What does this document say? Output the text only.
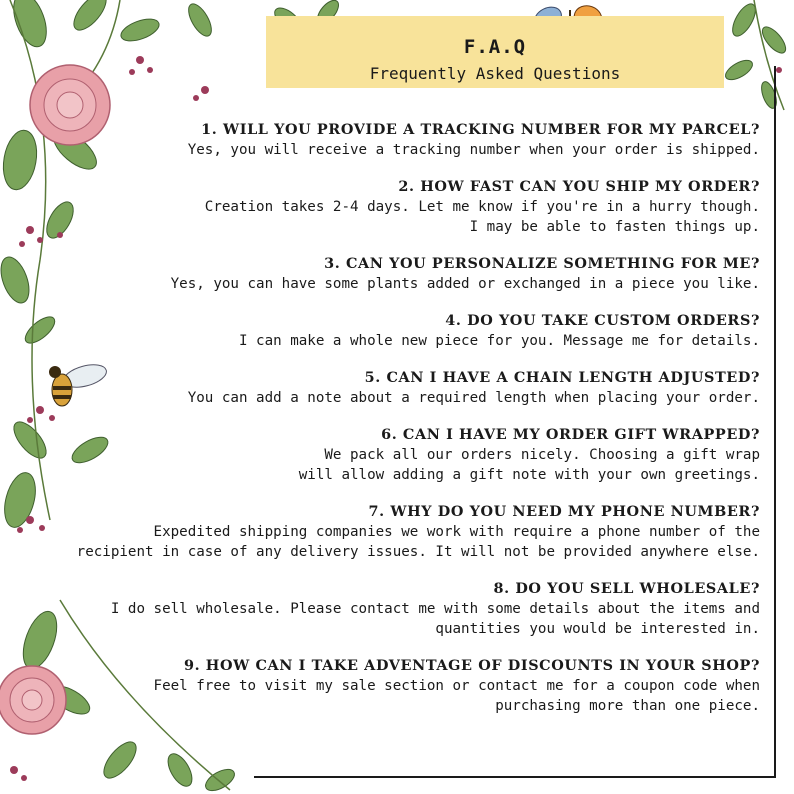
F.A.Q
Frequently Asked Questions
1. WILL YOU PROVIDE A TRACKING NUMBER FOR MY PARCEL?
Yes, you will receive a tracking number when your order is shipped.
2. HOW FAST CAN YOU SHIP MY ORDER?
Creation takes 2-4 days. Let me know if you're in a hurry though.
I may be able to fasten things up.
3. CAN YOU PERSONALIZE SOMETHING FOR ME?
Yes, you can have some plants added or exchanged in a piece you like.
4. DO YOU TAKE CUSTOM ORDERS?
I can make a whole new piece for you. Message me for details.
5. CAN I HAVE A CHAIN LENGTH ADJUSTED?
You can add a note about a required length when placing your order.
6. CAN I HAVE MY ORDER GIFT WRAPPED?
We pack all our orders nicely. Choosing a gift wrap
will allow adding a gift note with your own greetings.
7. WHY DO YOU NEED MY PHONE NUMBER?
Expedited shipping companies we work with require a phone number of the
recipient in case of any delivery issues. It will not be provided anywhere else.
8. DO YOU SELL WHOLESALE?
I do sell wholesale. Please contact me with some details about the items and
quantities you would be interested in.
9. HOW CAN I TAKE ADVENTAGE OF DISCOUNTS IN YOUR SHOP?
Feel free to visit my sale section or contact me for a coupon code when
purchasing more than one piece.
